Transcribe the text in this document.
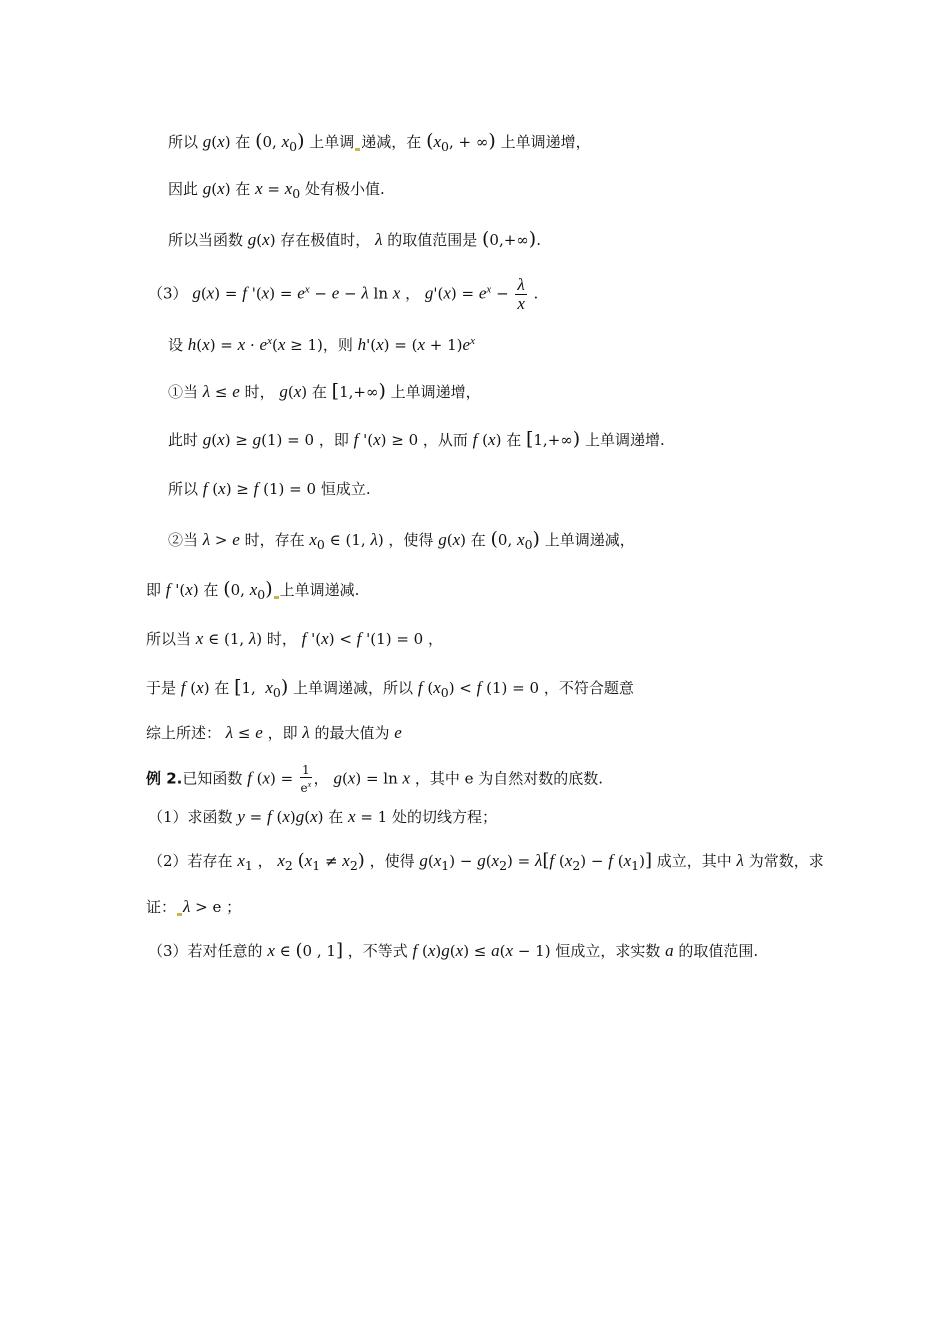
所以 g(x) 在 (0, $x_0$) 上单调 递减，在 ($x_0$, + ∞) 上单调递增，
因此 g(x) 在 $x = x_0$ 处有极小值.
所以当函数 g(x) 存在极值时， λ 的取值范围是 (0,+∞).
（3） g(x) = f '$(x) = e^x - e - \lambda$ ln x ， $g'(x) = e^x - \frac{\lambda}{x}$ .
设 $h(x) = x \cdot e^x(x \ge 1)$，则 $h'(x) = (x + 1)e^x$
①当 λ ≤ e 时， g(x) 在 [1,+∞) 上单调递增，
此时 g(x) ≥ g(1) = 0 ，即 f '(x) ≥ 0 ，从而 f (x) 在 [1,+∞) 上单调递增.
所以 f (x) ≥ f (1) = 0 恒成立.
②当 λ > e 时，存在 $x_0$ ∈ (1, λ) ，使得 g(x) 在 (0, $x_0$) 上单调递减，
即 f '(x) 在 (0, $x_0$) 上单调递减.
所以当 x ∈ (1, λ) 时， f '(x) < f '(1) = 0 ，
于是 f (x) 在 [1,  $x_0$) 上单调递减，所以 f $(x_0) < f$ (1) = 0 ，不符合题意
综上所述： λ ≤ e ，即 λ 的最大值为 e
例 2.已知函数 f $(x) = \frac{1}{e^x}$ ， g(x) = ln x ，其中 e 为自然对数的底数.
（1）求函数 y = f (x)g(x) 在 x = 1 处的切线方程；
（2）若存在 $x_1$ ， $x_2$ $(x_1 \ne x_2)$ ，使得 $g(x_1) - g(x_2) = \lambda[f$ $(x_2) - f$ $(x_1)$] 成立，其中 λ 为常数，求
证： λ > e ；
（3）若对任意的 x ∈ (0 , 1] ，不等式 f (x)g(x) ≤ a(x − 1) 恒成立，求实数 a 的取值范围.
